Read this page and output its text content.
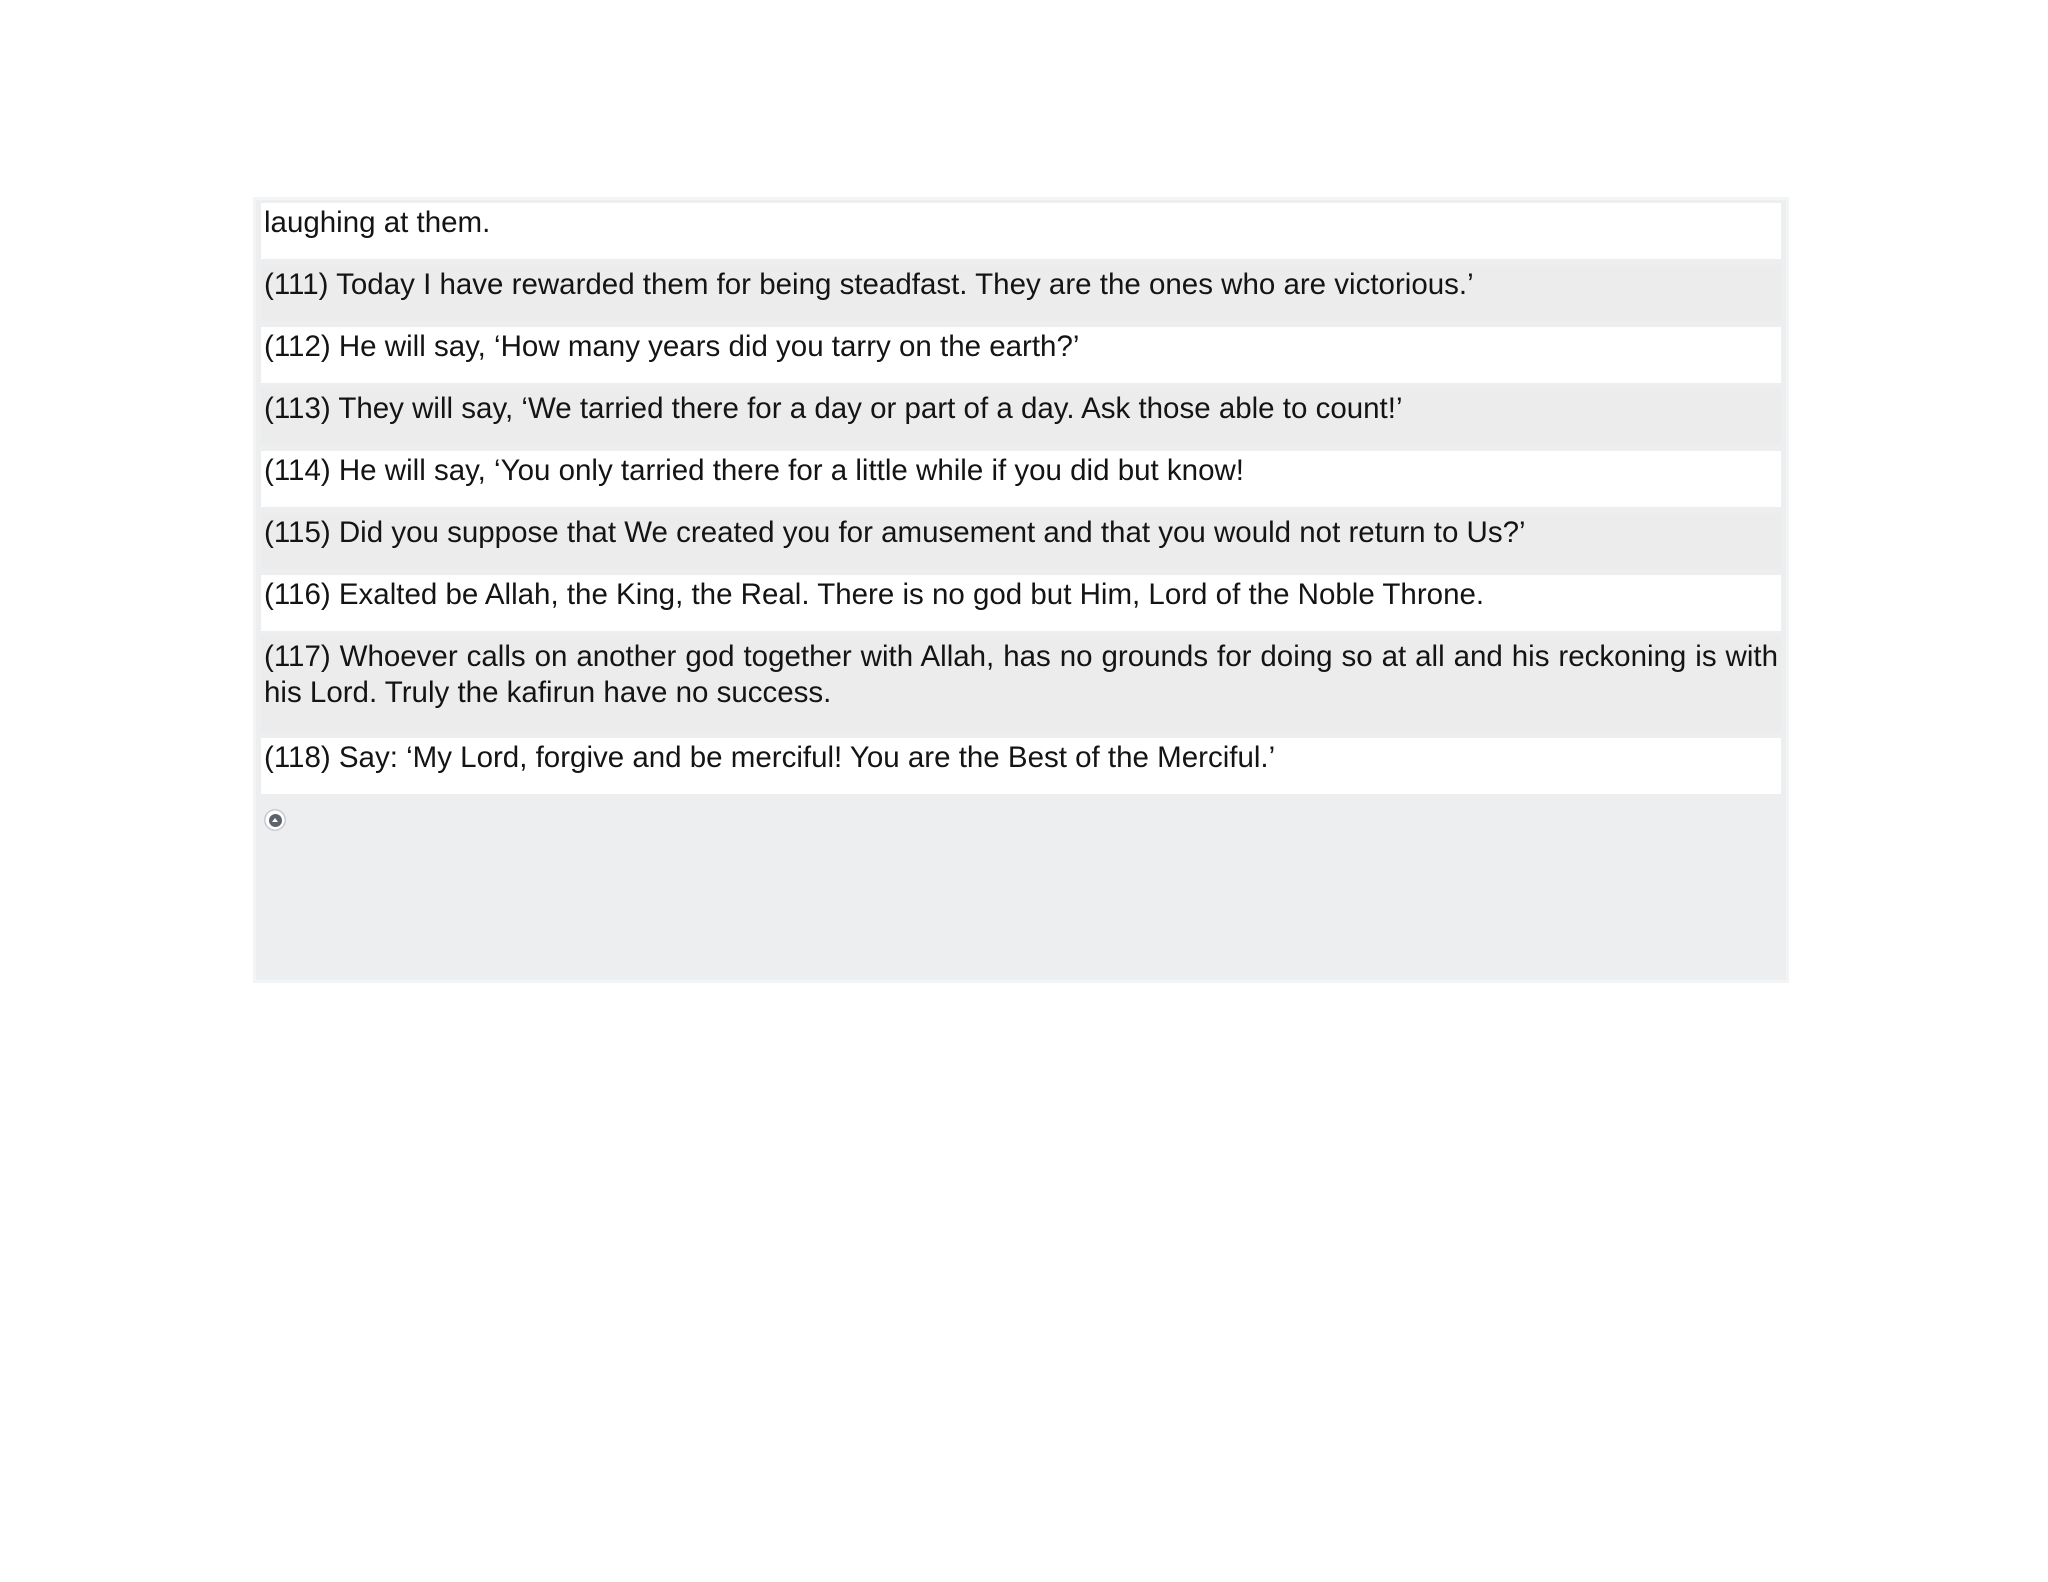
laughing at them.
(111) Today I have rewarded them for being steadfast. They are the ones who are victorious.’
(112) He will say, ‘How many years did you tarry on the earth?’
(113) They will say, ‘We tarried there for a day or part of a day. Ask those able to count!’
(114) He will say, ‘You only tarried there for a little while if you did but know!
(115) Did you suppose that We created you for amusement and that you would not return to Us?’
(116) Exalted be Allah, the King, the Real. There is no god but Him, Lord of the Noble Throne.
(117) Whoever calls on another god together with Allah, has no grounds for doing so at all and his reckoning is with his Lord. Truly the kafirun have no success.
(118) Say: ‘My Lord, forgive and be merciful! You are the Best of the Merciful.’
